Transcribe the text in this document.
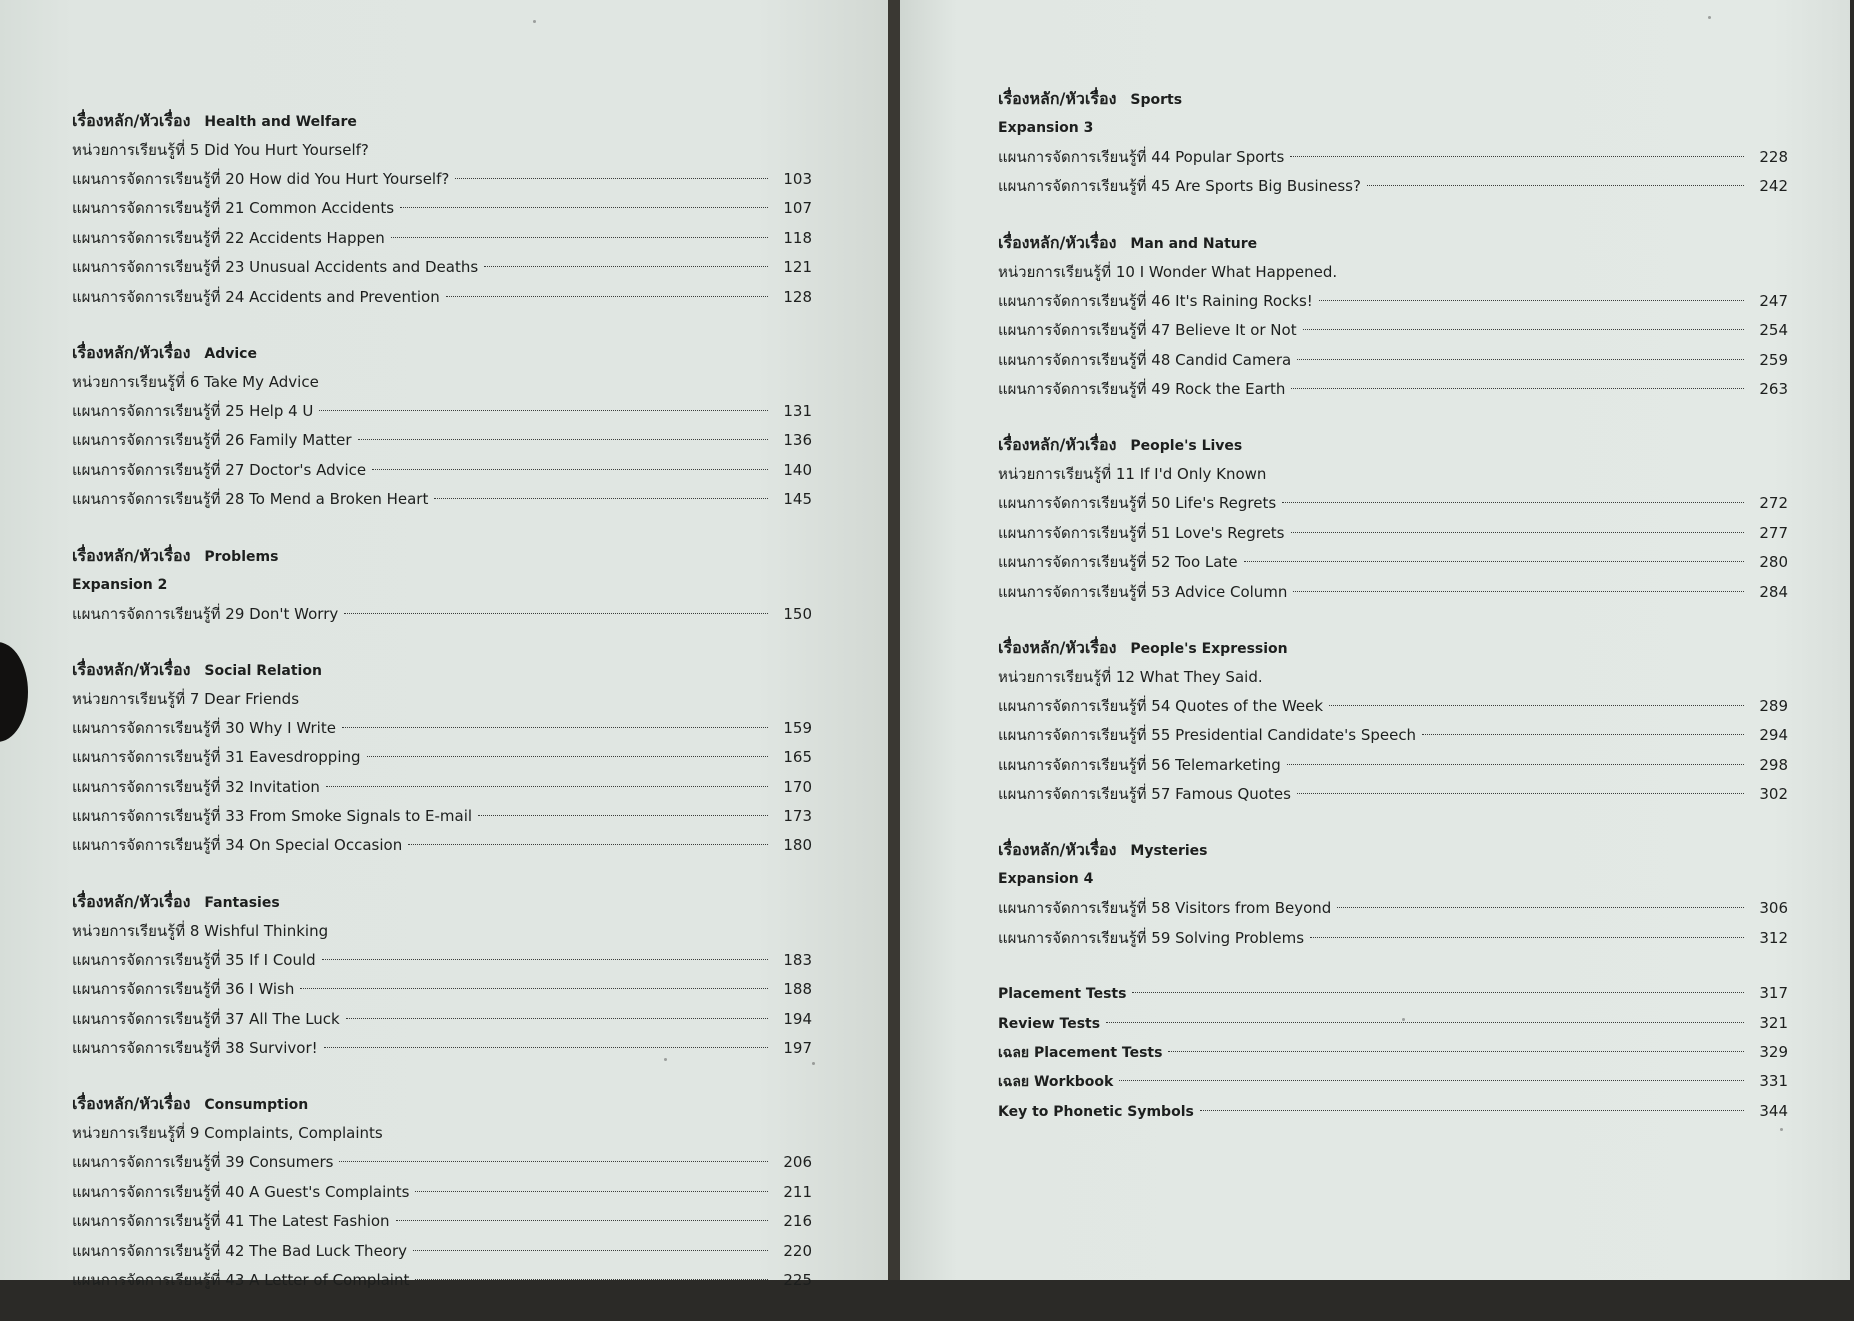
เรื่องหลัก/หัวเรื่อง Health and Welfare
หน่วยการเรียนรู้ที่ 5 Did You Hurt Yourself?
แผนการจัดการเรียนรู้ที่ 20 How did You Hurt Yourself?	103
แผนการจัดการเรียนรู้ที่ 21 Common Accidents	107
แผนการจัดการเรียนรู้ที่ 22 Accidents Happen	118
แผนการจัดการเรียนรู้ที่ 23 Unusual Accidents and Deaths	121
แผนการจัดการเรียนรู้ที่ 24 Accidents and Prevention	128
เรื่องหลัก/หัวเรื่อง Advice
หน่วยการเรียนรู้ที่ 6 Take My Advice
แผนการจัดการเรียนรู้ที่ 25 Help 4 U	131
แผนการจัดการเรียนรู้ที่ 26 Family Matter	136
แผนการจัดการเรียนรู้ที่ 27 Doctor's Advice	140
แผนการจัดการเรียนรู้ที่ 28 To Mend a Broken Heart	145
เรื่องหลัก/หัวเรื่อง Problems
Expansion 2
แผนการจัดการเรียนรู้ที่ 29 Don't Worry	150
เรื่องหลัก/หัวเรื่อง Social Relation
หน่วยการเรียนรู้ที่ 7 Dear Friends
แผนการจัดการเรียนรู้ที่ 30 Why I Write	159
แผนการจัดการเรียนรู้ที่ 31 Eavesdropping	165
แผนการจัดการเรียนรู้ที่ 32 Invitation	170
แผนการจัดการเรียนรู้ที่ 33 From Smoke Signals to E-mail	173
แผนการจัดการเรียนรู้ที่ 34 On Special Occasion	180
เรื่องหลัก/หัวเรื่อง Fantasies
หน่วยการเรียนรู้ที่ 8 Wishful Thinking
แผนการจัดการเรียนรู้ที่ 35 If I Could	183
แผนการจัดการเรียนรู้ที่ 36 I Wish	188
แผนการจัดการเรียนรู้ที่ 37 All The Luck	194
แผนการจัดการเรียนรู้ที่ 38 Survivor!	197
เรื่องหลัก/หัวเรื่อง Consumption
หน่วยการเรียนรู้ที่ 9 Complaints, Complaints
แผนการจัดการเรียนรู้ที่ 39 Consumers	206
แผนการจัดการเรียนรู้ที่ 40 A Guest's Complaints	211
แผนการจัดการเรียนรู้ที่ 41 The Latest Fashion	216
แผนการจัดการเรียนรู้ที่ 42 The Bad Luck Theory	220
แผนการจัดการเรียนรู้ที่ 43 A Letter of Complaint	225
เรื่องหลัก/หัวเรื่อง Sports
Expansion 3
แผนการจัดการเรียนรู้ที่ 44 Popular Sports	228
แผนการจัดการเรียนรู้ที่ 45 Are Sports Big Business?	242
เรื่องหลัก/หัวเรื่อง Man and Nature
หน่วยการเรียนรู้ที่ 10 I Wonder What Happened.
แผนการจัดการเรียนรู้ที่ 46 It's Raining Rocks!	247
แผนการจัดการเรียนรู้ที่ 47 Believe It or Not	254
แผนการจัดการเรียนรู้ที่ 48 Candid Camera	259
แผนการจัดการเรียนรู้ที่ 49 Rock the Earth	263
เรื่องหลัก/หัวเรื่อง People's Lives
หน่วยการเรียนรู้ที่ 11 If I'd Only Known
แผนการจัดการเรียนรู้ที่ 50 Life's Regrets	272
แผนการจัดการเรียนรู้ที่ 51 Love's Regrets	277
แผนการจัดการเรียนรู้ที่ 52 Too Late	280
แผนการจัดการเรียนรู้ที่ 53 Advice Column	284
เรื่องหลัก/หัวเรื่อง People's Expression
หน่วยการเรียนรู้ที่ 12 What They Said.
แผนการจัดการเรียนรู้ที่ 54 Quotes of the Week	289
แผนการจัดการเรียนรู้ที่ 55 Presidential Candidate's Speech	294
แผนการจัดการเรียนรู้ที่ 56 Telemarketing	298
แผนการจัดการเรียนรู้ที่ 57 Famous Quotes	302
เรื่องหลัก/หัวเรื่อง Mysteries
Expansion 4
แผนการจัดการเรียนรู้ที่ 58 Visitors from Beyond	306
แผนการจัดการเรียนรู้ที่ 59 Solving Problems	312
Placement Tests	317
Review Tests	321
เฉลย Placement Tests	329
เฉลย Workbook	331
Key to Phonetic Symbols	344
